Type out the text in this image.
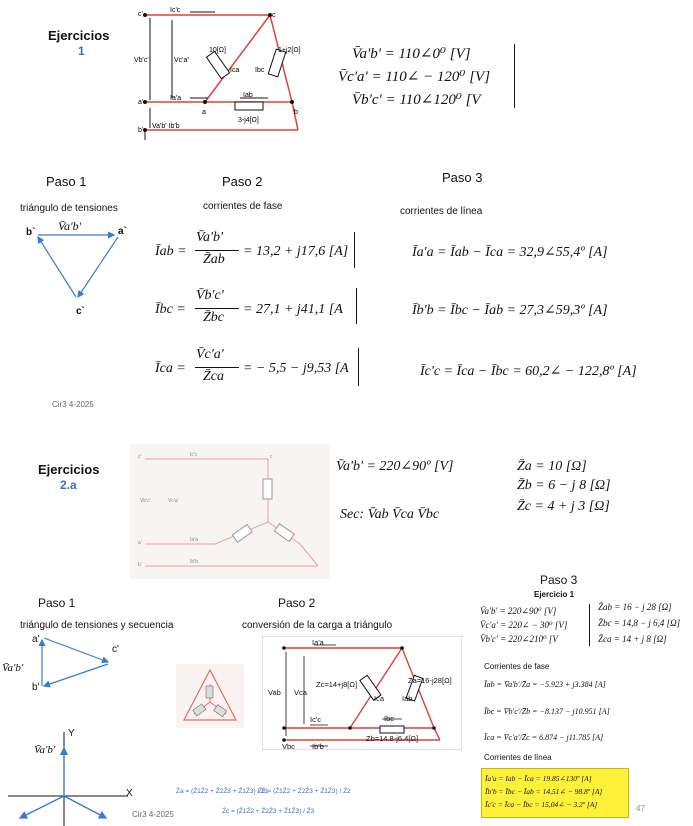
Ejercicios
1
c'	c
a'
a	b
b'
Ic'c
Vb'c'	Vc'a'
Ia'a
Va'b' Ib'b
10[Ω]	1+j2[Ω]
Ica Ibc
Iab
3-j4[Ω]
V̄a'b' = 110∠0⁰ [V]
V̄c'a' = 110∠ − 120⁰ [V]
V̄b'c' = 110∠120⁰ [V
Paso 1
triángulo de tensiones
Paso 2
corrientes de fase
Paso 3
corrientes de línea
b`	a`
c`
V̄a'b'
Īab =
V̄a'b'
Z̄ab
= 13,2 + j17,6 [A]
Ībc =
V̄b'c'
Z̄bc
= 27,1 + j41,1 [A
Īca =
V̄c'a'
Z̄ca
= − 5,5 − j9,53 [A
Īa'a = Īab − Īca = 32,9∠55,4º [A]
Īb'b = Ībc − Īab = 27,3∠59,3º [A]
Īc'c = Īca − Ībc = 60,2∠ − 122,8º [A]
Cir3 4-2025
Ejercicios
2.a
c'	c
Vb'c'	Vc'a'
a'
b'
Ic'c
Ia'a
Ib'b
V̄a'b' = 220∠90º [V]
Sec: V̄ab V̄ca V̄bc
Z̄a = 10 [Ω]
Z̄b = 6 − j 8 [Ω]
Z̄c = 4 + j 3 [Ω]
Paso 1
triángulo de tensiones y secuencia
Paso 2
conversión de la carga a triángulo
Paso 3
Ejercicio 1
a'
b'
c'
V̄a'b'
Y
X
V̄a'b'
Ia'a
Vab Vca
Zc=14+j8[Ω]	Za=16-j28[Ω]
Ica Iab
Ic'c	Ibc
Zb=14.8-j6.4[Ω]
Vbc Ib'b
Z̄a = (Z̄1Z̄2 + Z̄2Z̄3 + Z̄1Z̄3) / Z̄1
Z̄b = (Z̄1Z̄2 + Z̄2Z̄3 + Z̄1Z̄3) / Z̄2
Z̄c = (Z̄1Z̄2 + Z̄2Z̄3 + Z̄1Z̄3) / Z̄3
Cir3 4-2025
V̄a'b' = 220∠90⁰ [V]
V̄c'a' = 220∠ − 30⁰ [V]
V̄b'c' = 220∠210⁰ [V
Z̄ab = 16 − j 28 [Ω]
Z̄bc = 14,8 − j 6,4 [Ω]
Z̄ca = 14 + j 8 [Ω]
Corrientes de fase
Īab = V̄a'b'/Z̄a = −5.923 + j3.384 [A]
Ībc = V̄b'c'/Z̄b = −8.137 − j10.951 [A]
Īca = V̄c'a'/Z̄c = 6.874 − j11.785 [A]
Corrientes de línea
Īa'a = Iab − Īca = 19.85∠130º [A]
Īb'b = Ībc − Īab = 14,51∠ − 98.8º [A]
Īc'c = Īca − Ībc = 15,04∠ − 3.2º [A]	47
